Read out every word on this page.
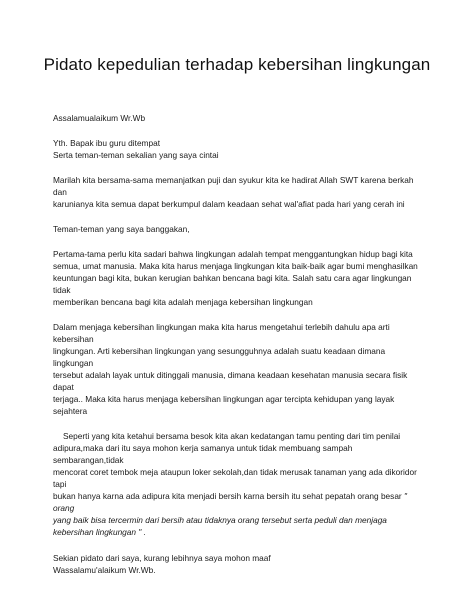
Pidato kepedulian terhadap kebersihan lingkungan

Assalamualaikum Wr.Wb

Yth. Bapak ibu guru ditempat

Serta teman-teman sekalian yang saya cintai

Marilah kita bersama-sama memanjatkan puji dan syukur kita ke hadirat Allah SWT karena berkah dan

karunianya kita semua dapat berkumpul dalam keadaan sehat wal'afiat pada hari yang cerah ini

Teman-teman yang saya banggakan,

Pertama-tama perlu kita sadari bahwa lingkungan adalah tempat menggantungkan hidup bagi kita

semua, umat manusia. Maka kita harus menjaga lingkungan kita baik-baik agar bumi menghasilkan

keuntungan bagi kita, bukan kerugian bahkan bencana bagi kita. Salah satu cara agar lingkungan tidak

memberikan bencana bagi kita adalah menjaga kebersihan lingkungan

Dalam menjaga kebersihan lingkungan maka kita harus mengetahui terlebih dahulu apa arti kebersihan

lingkungan. Arti kebersihan lingkungan yang sesungguhnya adalah suatu keadaan dimana lingkungan

tersebut adalah layak untuk ditinggali manusia, dimana keadaan kesehatan manusia secara fisik dapat

terjaga.. Maka kita harus menjaga kebersihan lingkungan agar tercipta kehidupan yang layak sejahtera

Seperti yang kita ketahui bersama besok kita akan kedatangan tamu penting dari tim penilai

adipura,maka dari itu saya mohon kerja samanya untuk tidak membuang sampah sembarangan,tidak

mencorat coret tembok meja ataupun loker sekolah,dan tidak merusak tanaman yang ada dikoridor tapi

bukan hanya karna ada adipura kita menjadi bersih karna bersih itu sehat pepatah orang besar " orang

yang baik bisa tercermin dari bersih atau tidaknya orang tersebut serta peduli dan menjaga

kebersihan lingkungan " .

Sekian pidato dari saya, kurang lebihnya saya mohon maaf

Wassalamu'alaikum Wr.Wb.
